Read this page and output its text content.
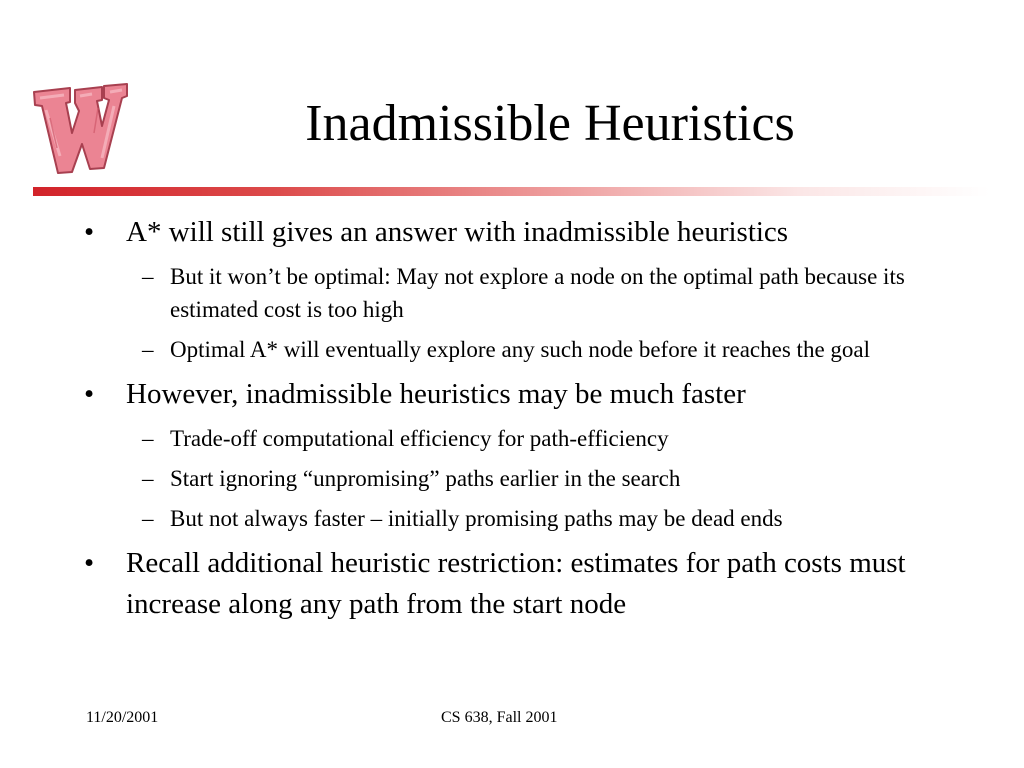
Inadmissible Heuristics
• A* will still gives an answer with inadmissible heuristics
– But it won’t be optimal: May not explore a node on the optimal path because its estimated cost is too high
– Optimal A* will eventually explore any such node before it reaches the goal
• However, inadmissible heuristics may be much faster
– Trade-off computational efficiency for path-efficiency
– Start ignoring “unpromising” paths earlier in the search
– But not always faster – initially promising paths may be dead ends
• Recall additional heuristic restriction: estimates for path costs must increase along any path from the start node
11/20/2001	CS 638, Fall 2001
